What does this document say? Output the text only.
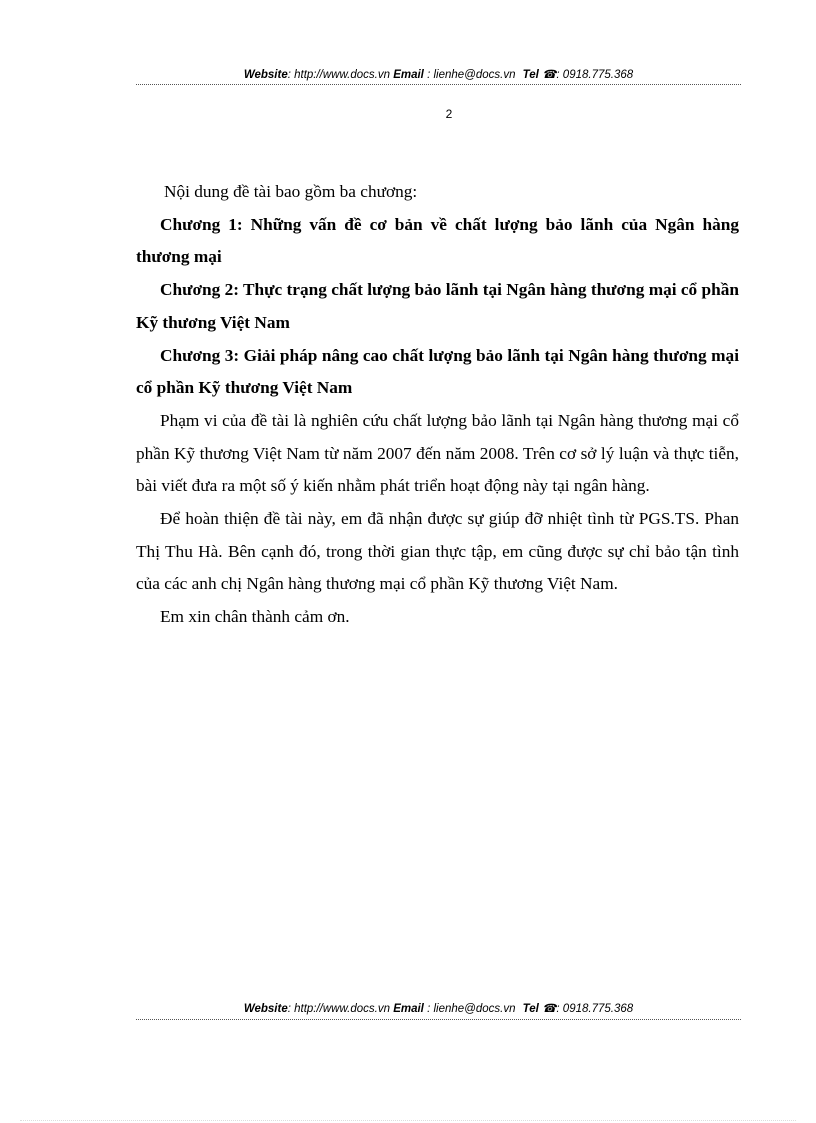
Website: http://www.docs.vn Email : lienhe@docs.vn Tel ☎: 0918.775.368
2

Nội dung đề tài bao gồm ba chương:

Chương 1: Những vấn đề cơ bản về chất lượng bảo lãnh của Ngân hàng thương mại

Chương 2: Thực trạng chất lượng bảo lãnh tại Ngân hàng thương mại cổ phần Kỹ thương Việt Nam

Chương 3: Giải pháp nâng cao chất lượng bảo lãnh tại Ngân hàng thương mại cổ phần Kỹ thương Việt Nam

Phạm vi của đề tài là nghiên cứu chất lượng bảo lãnh tại Ngân hàng thương mại cổ phần Kỹ thương Việt Nam từ năm 2007 đến năm 2008. Trên cơ sở lý luận và thực tiễn, bài viết đưa ra một số ý kiến nhằm phát triển hoạt động này tại ngân hàng.

Để hoàn thiện đề tài này, em đã nhận được sự giúp đỡ nhiệt tình từ PGS.TS. Phan Thị Thu Hà. Bên cạnh đó, trong thời gian thực tập, em cũng được sự chỉ bảo tận tình của các anh chị Ngân hàng thương mại cổ phần Kỹ thương Việt Nam.

Em xin chân thành cảm ơn.

Website: http://www.docs.vn Email : lienhe@docs.vn Tel ☎: 0918.775.368
